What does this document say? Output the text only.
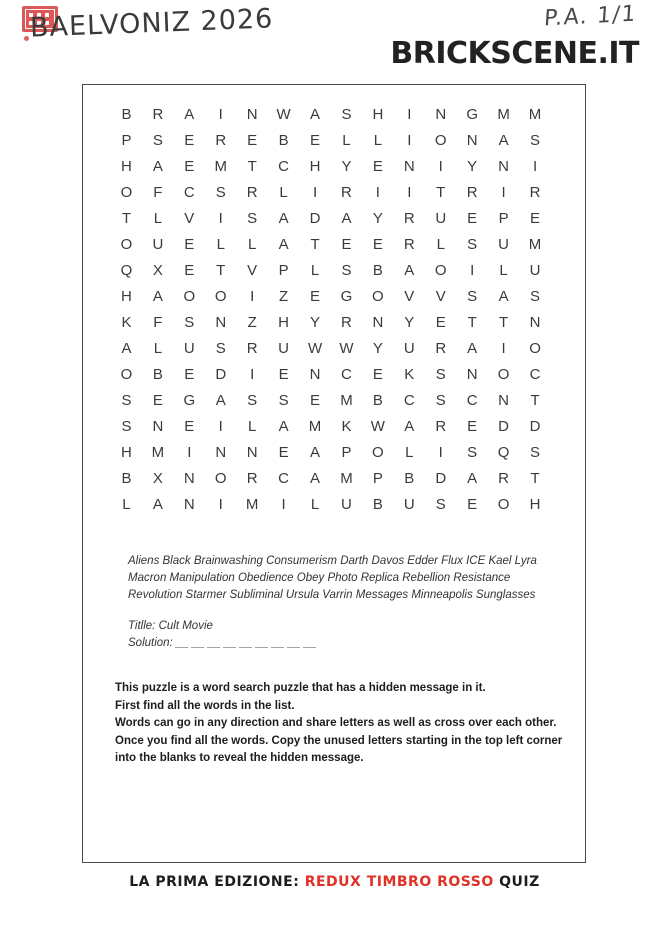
BAELVONIZ 2026	P.A. 1/1
BRICKSCENE.IT
B	R	A	I	N	W	A	S	H	I	N	G	M	M
P	S	E	R	E	B	E	L	L	I	O	N	A	S
H	A	E	M	T	C	H	Y	E	N	I	Y	N	I
O	F	C	S	R	L	I	R	I	I	T	R	I	R
T	L	V	I	S	A	D	A	Y	R	U	E	P	E
O	U	E	L	L	A	T	E	E	R	L	S	U	M
Q	X	E	T	V	P	L	S	B	A	O	I	L	U
H	A	O	O	I	Z	E	G	O	V	V	S	A	S
K	F	S	N	Z	H	Y	R	N	Y	E	T	T	N
A	L	U	S	R	U	W	W	Y	U	R	A	I	O
O	B	E	D	I	E	N	C	E	K	S	N	O	C
S	E	G	A	S	S	E	M	B	C	S	C	N	T
S	N	E	I	L	A	M	K	W	A	R	E	D	D
H	M	I	N	N	E	A	P	O	L	I	S	Q	S
B	X	N	O	R	C	A	M	P	B	D	A	R	T
L	A	N	I	M	I	L	U	B	U	S	E	O	H
Aliens Black Brainwashing Consumerism Darth Davos Edder Flux ICE Kael Lyra
Macron Manipulation Obedience Obey Photo Replica Rebellion Resistance
Revolution Starmer Subliminal Ursula Varrin Messages Minneapolis Sunglasses
Titlle: Cult Movie
Solution: __ __ __ __ __ __ __ __ __

This puzzle is a word search puzzle that has a hidden message in it.

First find all the words in the list.

Words can go in any direction and share letters as well as cross over each other.

Once you find all the words. Copy the unused letters starting in the top left corner into the blanks to reveal the hidden message.

LA PRIMA EDIZIONE: REDUX TIMBRO ROSSO QUIZ
